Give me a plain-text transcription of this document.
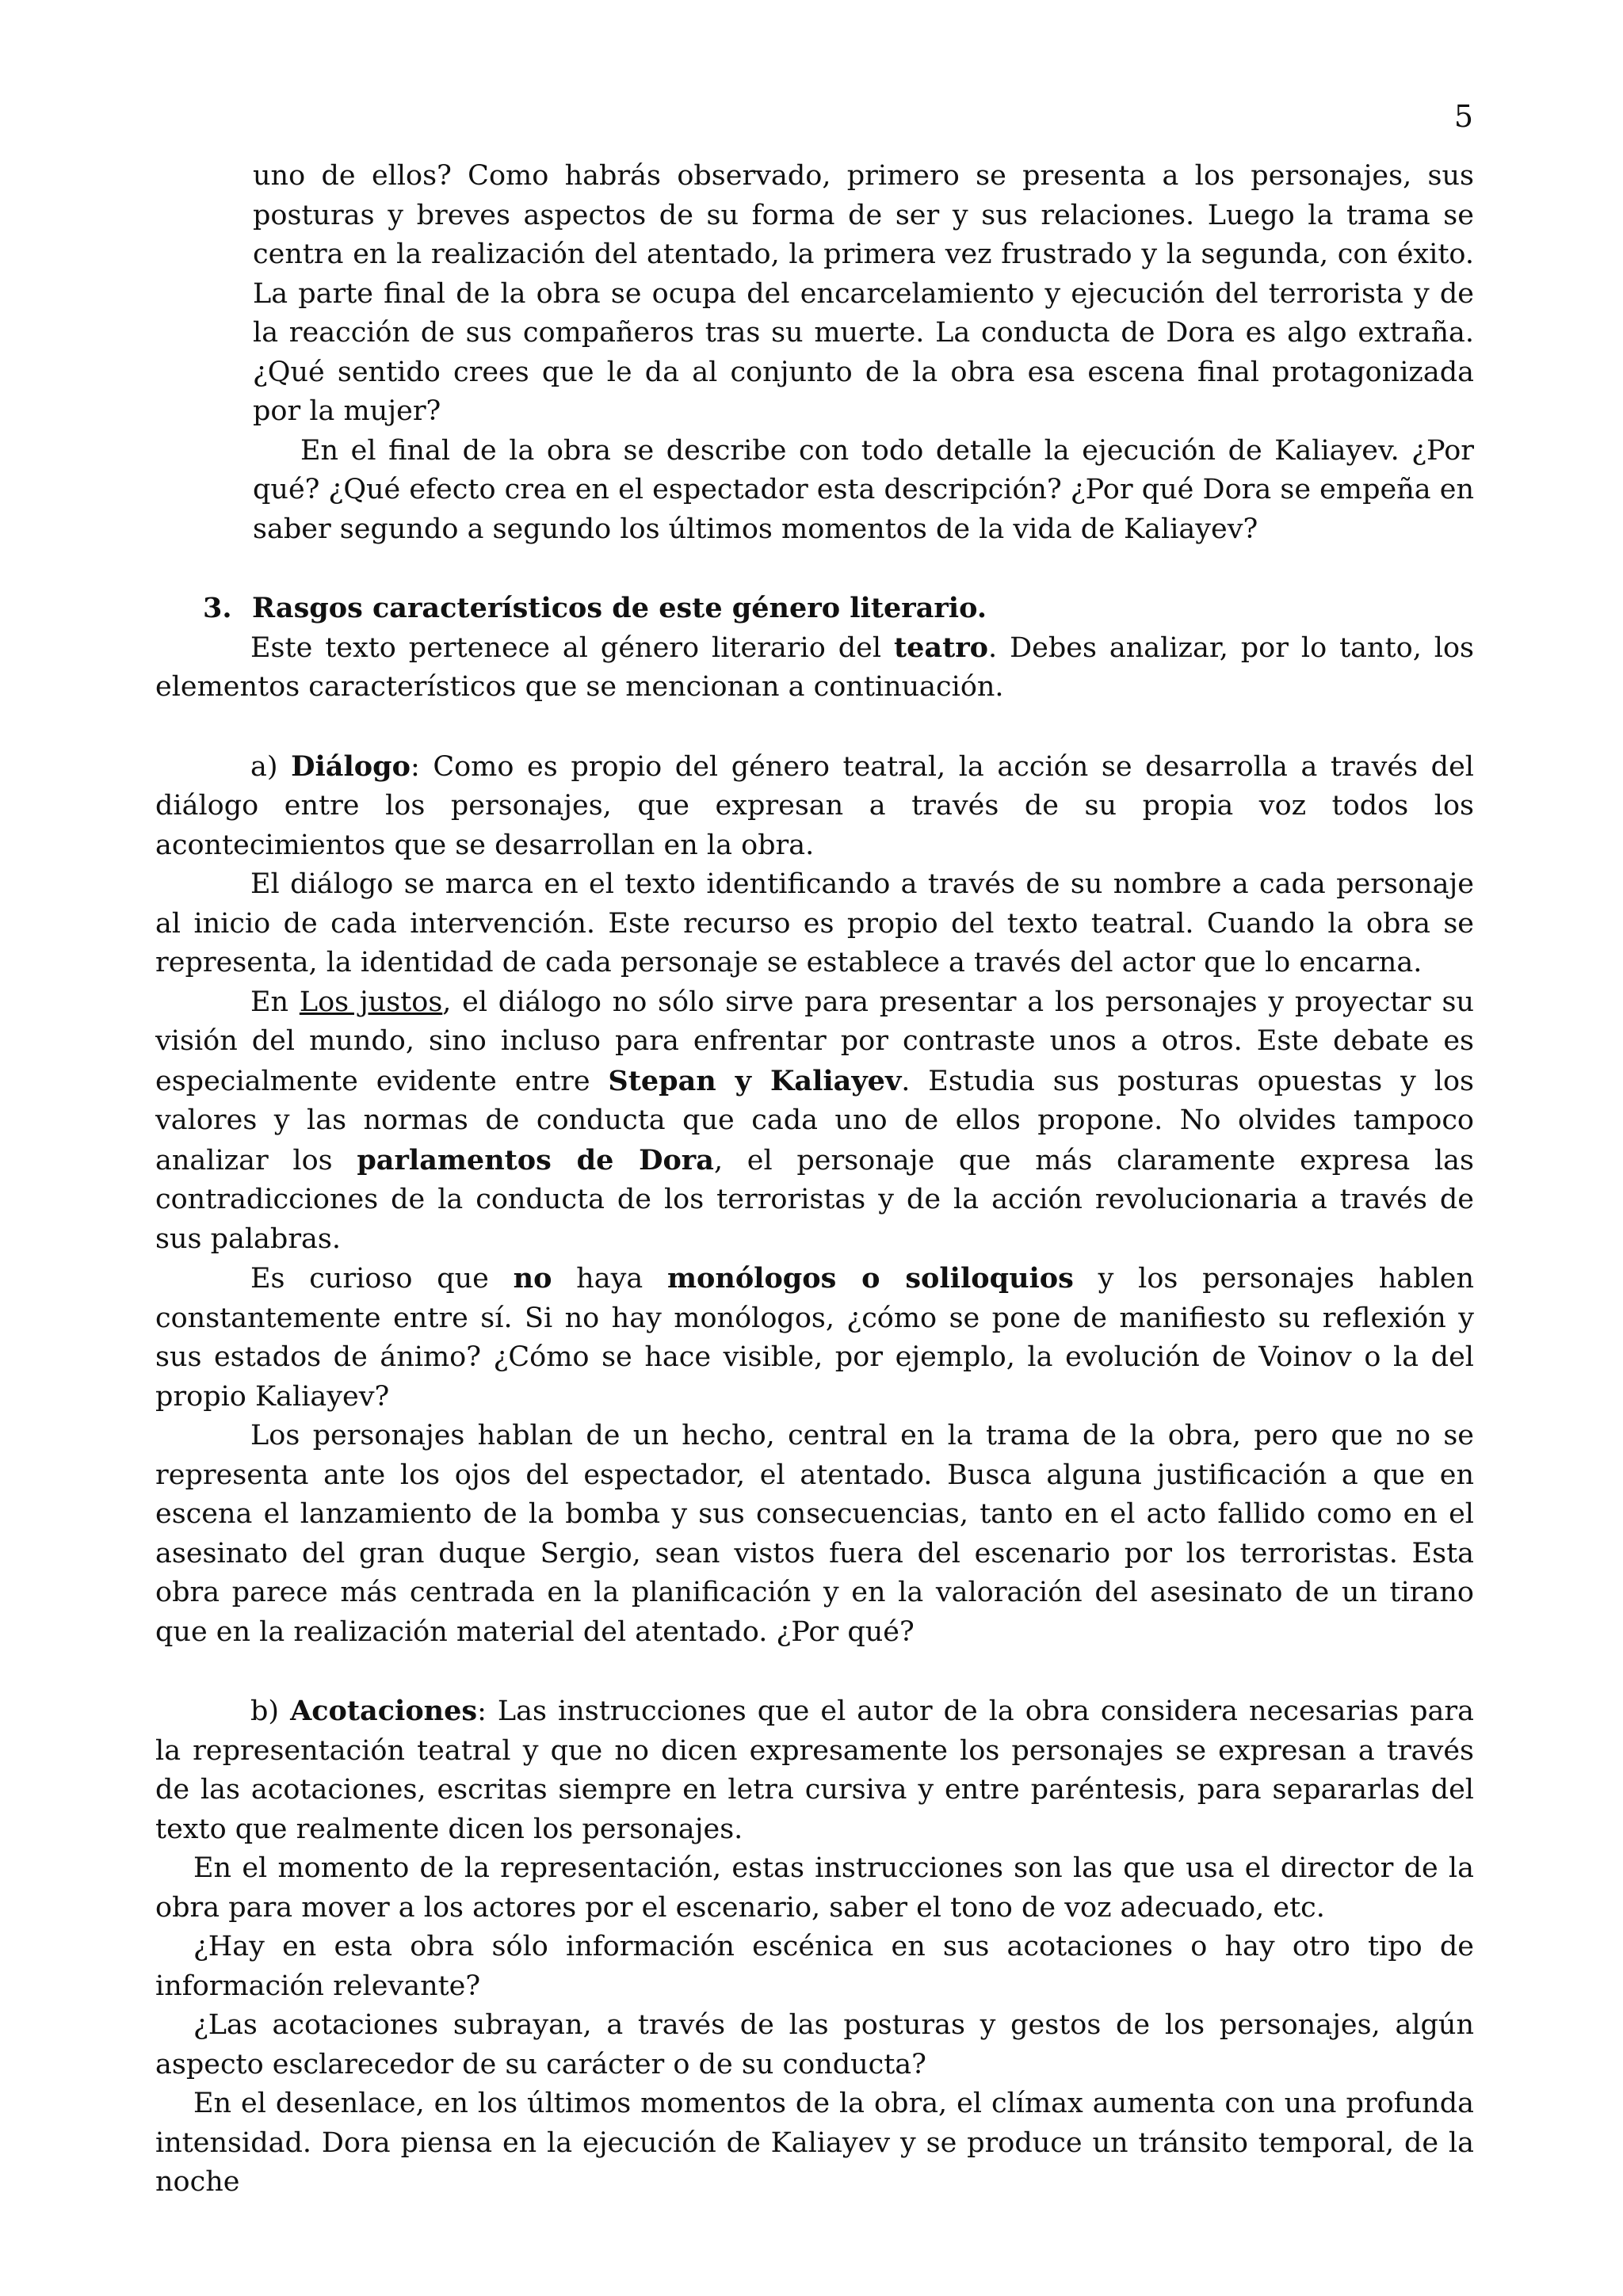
5

uno de ellos? Como habrás observado, primero se presenta a los personajes, sus posturas y breves aspectos de su forma de ser y sus relaciones. Luego la trama se centra en la realización del atentado, la primera vez frustrado y la segunda, con éxito. La parte final de la obra se ocupa del encarcelamiento y ejecución del terrorista y de la reacción de sus compañeros tras su muerte. La conducta de Dora es algo extraña. ¿Qué sentido crees que le da al conjunto de la obra esa escena final protagonizada por la mujer?

En el final de la obra se describe con todo detalle la ejecución de Kaliayev. ¿Por qué? ¿Qué efecto crea en el espectador esta descripción? ¿Por qué Dora se empeña en saber segundo a segundo los últimos momentos de la vida de Kaliayev?

3. Rasgos característicos de este género literario.

Este texto pertenece al género literario del teatro. Debes analizar, por lo tanto, los elementos característicos que se mencionan a continuación.

a) Diálogo: Como es propio del género teatral, la acción se desarrolla a través del diálogo entre los personajes, que expresan a través de su propia voz todos los acontecimientos que se desarrollan en la obra.

El diálogo se marca en el texto identificando a través de su nombre a cada personaje al inicio de cada intervención. Este recurso es propio del texto teatral. Cuando la obra se representa, la identidad de cada personaje se establece a través del actor que lo encarna.

En Los justos, el diálogo no sólo sirve para presentar a los personajes y proyectar su visión del mundo, sino incluso para enfrentar por contraste unos a otros. Este debate es especialmente evidente entre Stepan y Kaliayev. Estudia sus posturas opuestas y los valores y las normas de conducta que cada uno de ellos propone. No olvides tampoco analizar los parlamentos de Dora, el personaje que más claramente expresa las contradicciones de la conducta de los terroristas y de la acción revolucionaria a través de sus palabras.

Es curioso que no haya monólogos o soliloquios y los personajes hablen constantemente entre sí. Si no hay monólogos, ¿cómo se pone de manifiesto su reflexión y sus estados de ánimo? ¿Cómo se hace visible, por ejemplo, la evolución de Voinov o la del propio Kaliayev?

Los personajes hablan de un hecho, central en la trama de la obra, pero que no se representa ante los ojos del espectador, el atentado. Busca alguna justificación a que en escena el lanzamiento de la bomba y sus consecuencias, tanto en el acto fallido como en el asesinato del gran duque Sergio, sean vistos fuera del escenario por los terroristas. Esta obra parece más centrada en la planificación y en la valoración del asesinato de un tirano que en la realización material del atentado. ¿Por qué?

b) Acotaciones: Las instrucciones que el autor de la obra considera necesarias para la representación teatral y que no dicen expresamente los personajes se expresan a través de las acotaciones, escritas siempre en letra cursiva y entre paréntesis, para separarlas del texto que realmente dicen los personajes.

En el momento de la representación, estas instrucciones son las que usa el director de la obra para mover a los actores por el escenario, saber el tono de voz adecuado, etc.

¿Hay en esta obra sólo información escénica en sus acotaciones o hay otro tipo de información relevante?

¿Las acotaciones subrayan, a través de las posturas y gestos de los personajes, algún aspecto esclarecedor de su carácter o de su conducta?

En el desenlace, en los últimos momentos de la obra, el clímax aumenta con una profunda intensidad. Dora piensa en la ejecución de Kaliayev y se produce un tránsito temporal, de la noche
